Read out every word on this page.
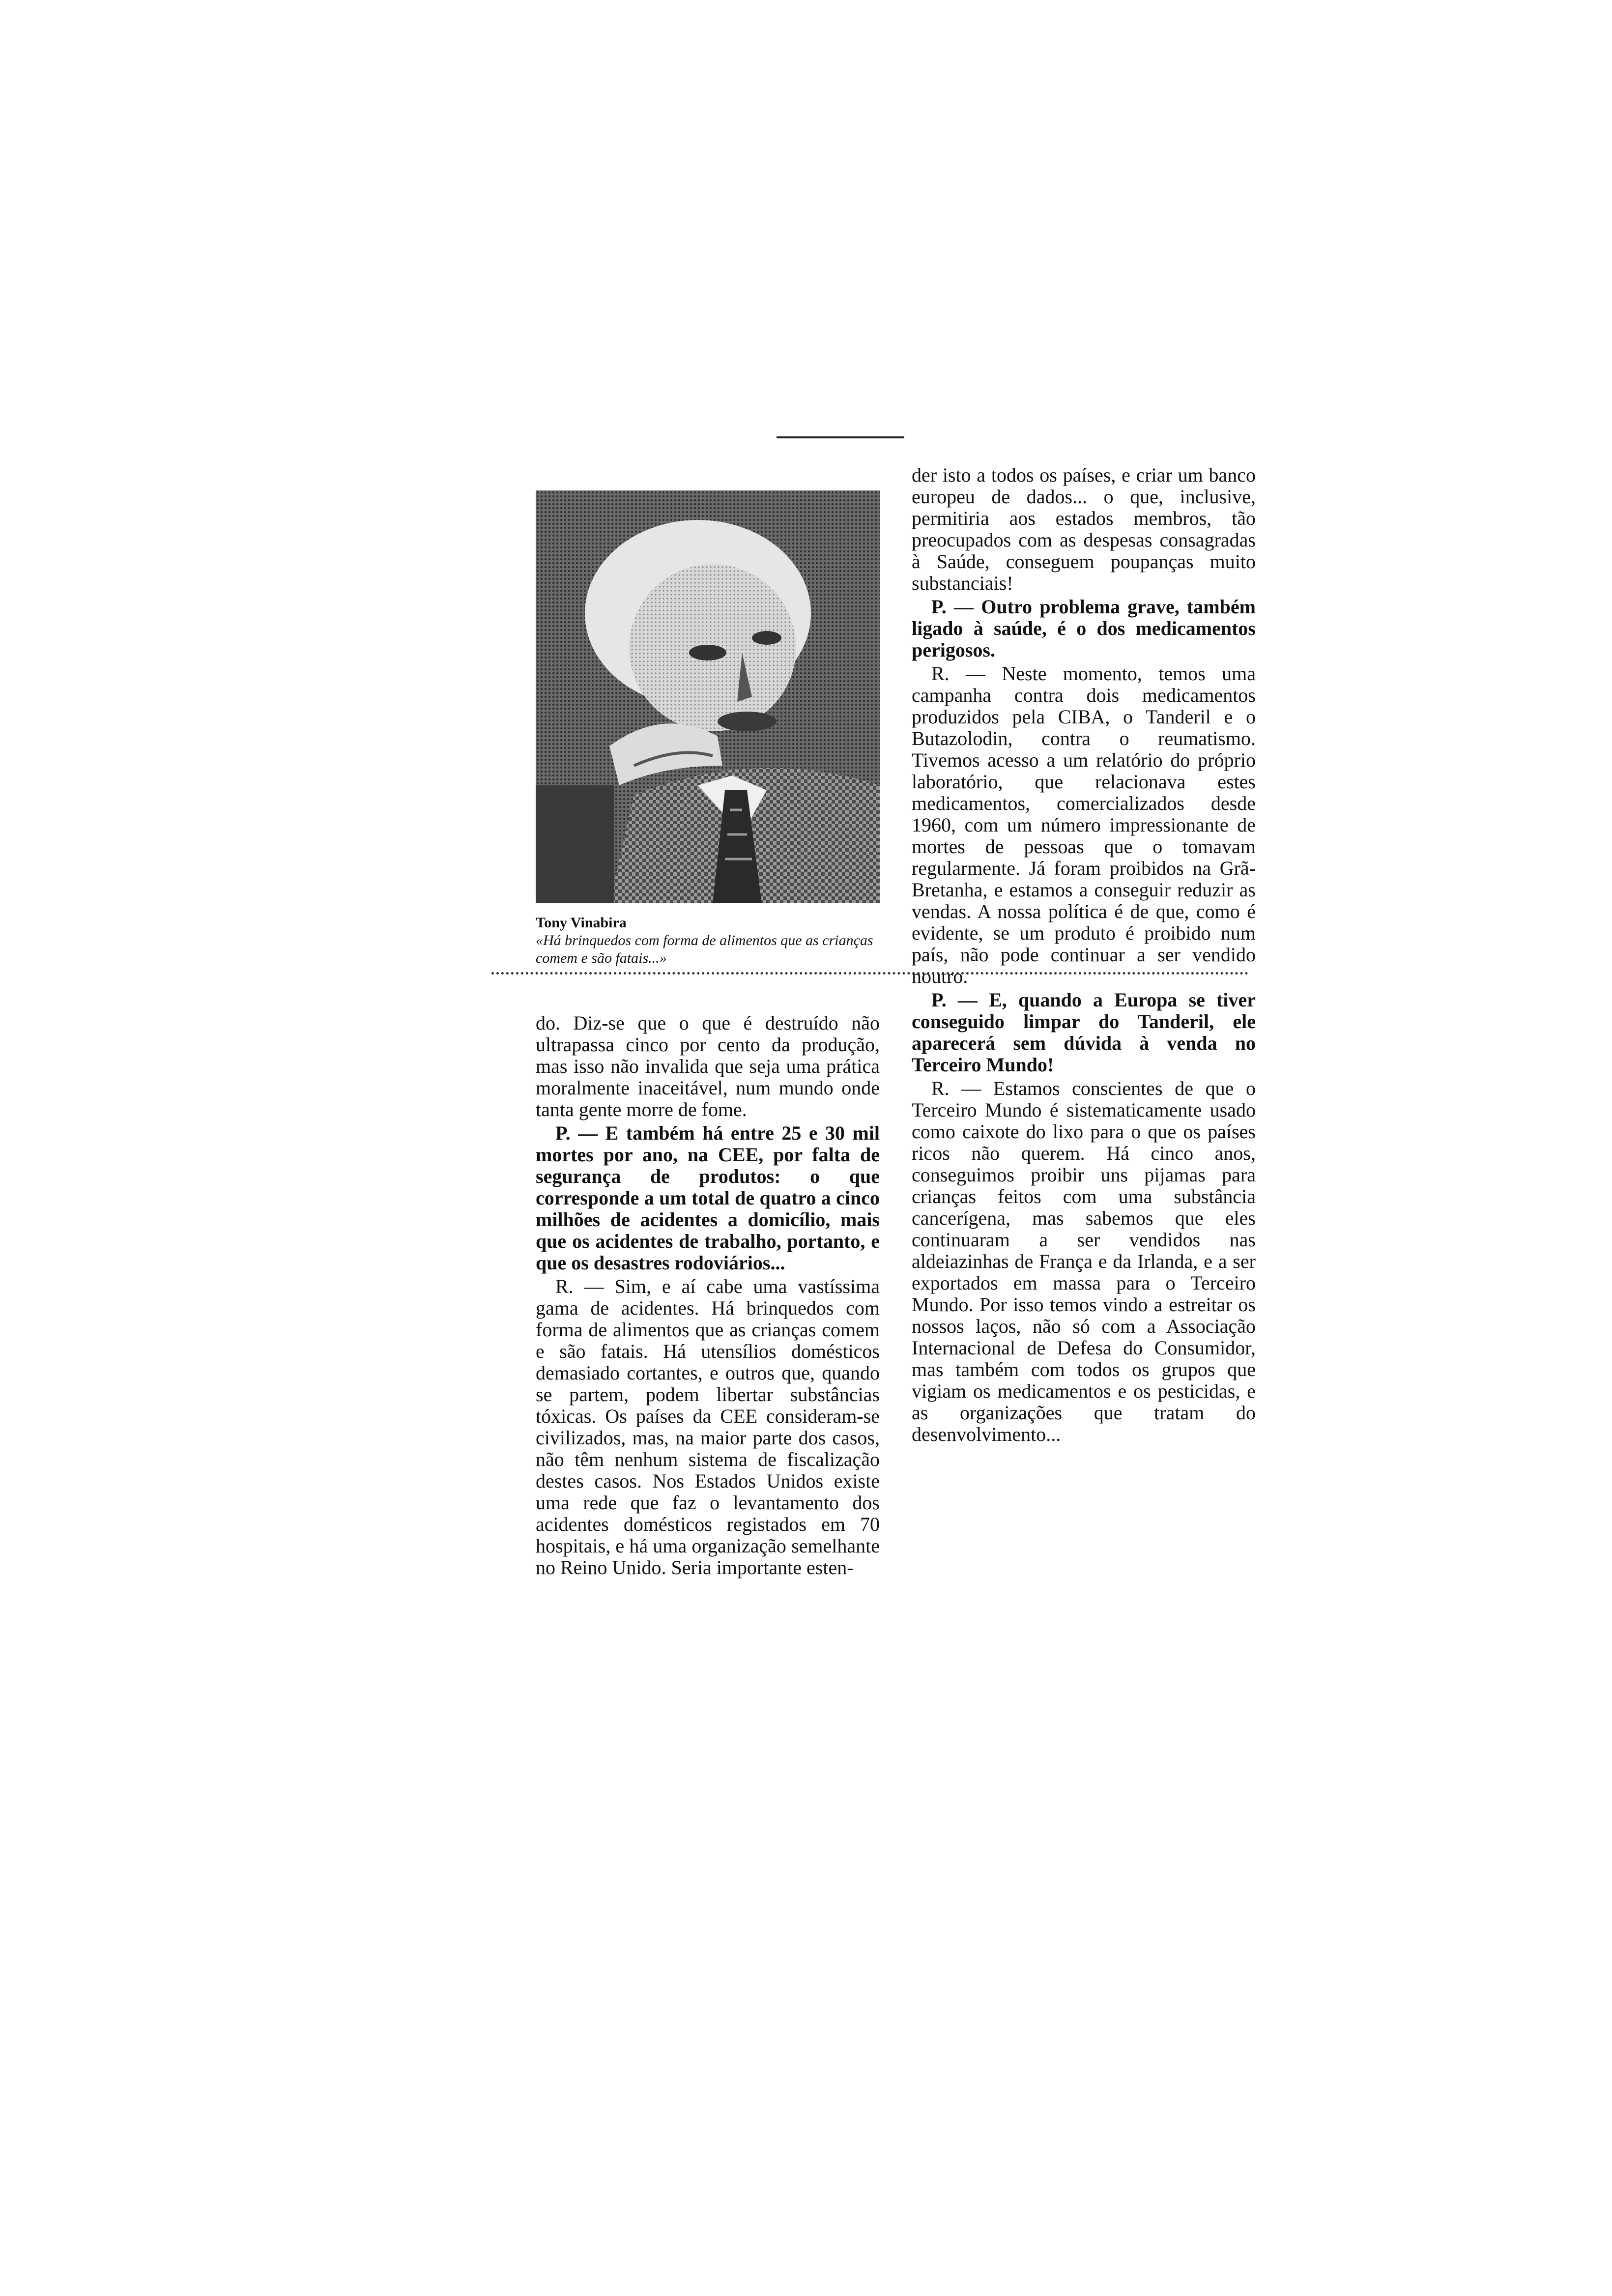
Tony Vinabira
«Há brinquedos com forma de alimentos que as crianças comem e são fatais...»

do. Diz-se que o que é destruído não ultrapassa cinco por cento da produção, mas isso não invalida que seja uma prática moralmente inaceitável, num mundo onde tanta gente morre de fome.

P. — E também há entre 25 e 30 mil mortes por ano, na CEE, por falta de segurança de produtos: o que corresponde a um total de quatro a cinco milhões de acidentes a domicílio, mais que os acidentes de trabalho, portanto, e que os desastres rodoviários...

R. — Sim, e aí cabe uma vastíssima gama de acidentes. Há brinquedos com forma de alimentos que as crianças comem e são fatais. Há utensílios domésticos demasiado cortantes, e outros que, quando se partem, podem libertar substâncias tóxicas. Os países da CEE consideram-se civilizados, mas, na maior parte dos casos, não têm nenhum sistema de fiscalização destes casos. Nos Estados Unidos existe uma rede que faz o levantamento dos acidentes domésticos registados em 70 hospitais, e há uma organização semelhante no Reino Unido. Seria importante esten-

der isto a todos os países, e criar um banco europeu de dados... o que, inclusive, permitiria aos estados membros, tão preocupados com as despesas consagradas à Saúde, conseguem poupanças muito substanciais!

P. — Outro problema grave, também ligado à saúde, é o dos medicamentos perigosos.

R. — Neste momento, temos uma campanha contra dois medicamentos produzidos pela CIBA, o Tanderil e o Butazolodin, contra o reumatismo. Tivemos acesso a um relatório do próprio laboratório, que relacionava estes medicamentos, comercializados desde 1960, com um número impressionante de mortes de pessoas que o tomavam regularmente. Já foram proibidos na Grã-Bretanha, e estamos a conseguir reduzir as vendas. A nossa política é de que, como é evidente, se um produto é proibido num país, não pode continuar a ser vendido noutro.

P. — E, quando a Europa se tiver conseguido limpar do Tanderil, ele aparecerá sem dúvida à venda no Terceiro Mundo!

R. — Estamos conscientes de que o Terceiro Mundo é sistematicamente usado como caixote do lixo para o que os países ricos não querem. Há cinco anos, conseguimos proibir uns pijamas para crianças feitos com uma substância cancerígena, mas sabemos que eles continuaram a ser vendidos nas aldeiazinhas de França e da Irlanda, e a ser exportados em massa para o Terceiro Mundo. Por isso temos vindo a estreitar os nossos laços, não só com a Associação Internacional de Defesa do Consumidor, mas também com todos os grupos que vigiam os medicamentos e os pesticidas, e as organizações que tratam do desenvolvimento...
